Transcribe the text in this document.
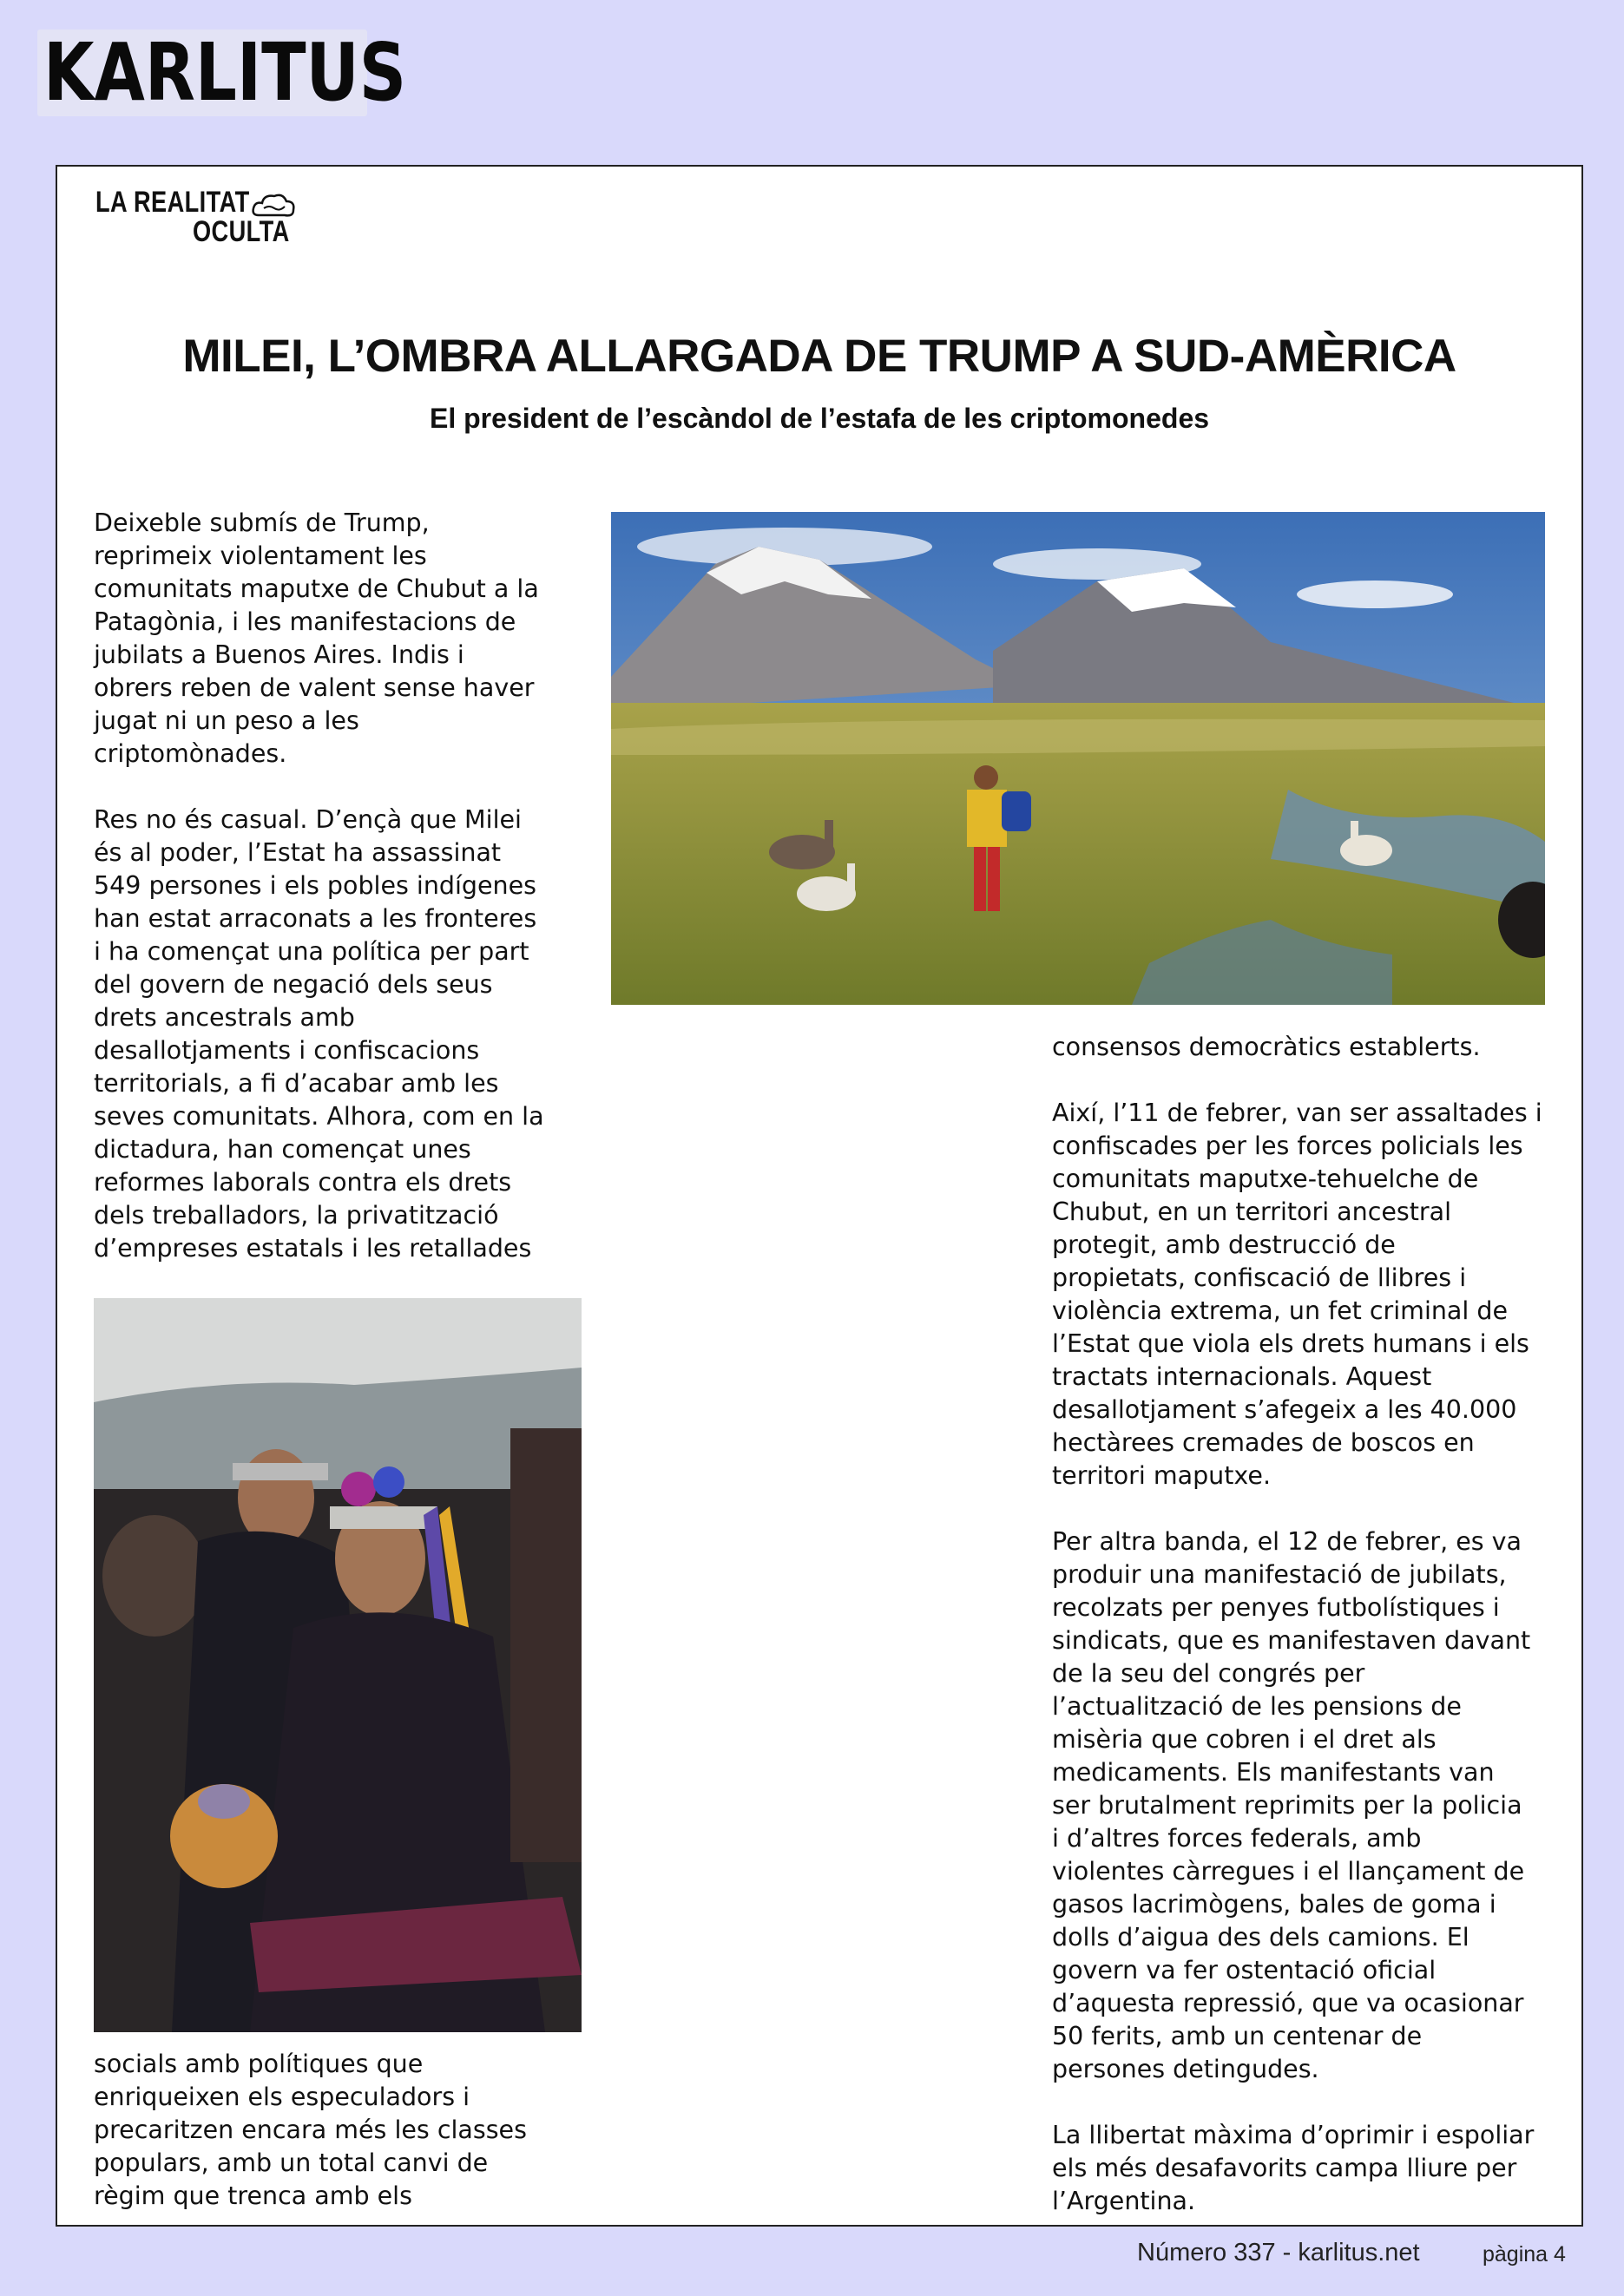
KARLITUS
LA REALITAT
OCULTA
MILEI, L’OMBRA ALLARGADA DE TRUMP A SUD-AMÈRICA

El president de l’escàndol de l’estafa de les criptomonedes

Deixeble submís de Trump,
reprimeix violentament les
comunitats maputxe de Chubut a la
Patagònia, i les manifestacions de
jubilats a Buenos Aires. Indis i
obrers reben de valent sense haver
jugat ni un peso a les
criptomònades.
Res no és casual. D’ençà que Milei
és al poder, l’Estat ha assassinat
549 persones i els pobles indígenes
han estat arraconats a les fronteres
i ha començat una política per part
del govern de negació dels seus
drets ancestrals amb
desallotjaments i confiscacions
territorials, a fi d’acabar amb les
seves comunitats. Alhora, com en la
dictadura, han començat unes
reformes laborals contra els drets
dels treballadors, la privatització
d’empreses estatals i les retallades
socials amb polítiques que
enriqueixen els especuladors i
precaritzen encara més les classes
populars, amb un total canvi de
règim que trenca amb els
consensos democràtics establerts.
Així, l’11 de febrer, van ser assaltades i
confiscades per les forces policials les
comunitats maputxe-tehuelche de
Chubut, en un territori ancestral
protegit, amb destrucció de
propietats, confiscació de llibres i
violència extrema, un fet criminal de
l’Estat que viola els drets humans i els
tractats internacionals. Aquest
desallotjament s’afegeix a les 40.000
hectàrees cremades de boscos en
territori maputxe.
Per altra banda, el 12 de febrer, es va
produir una manifestació de jubilats,
recolzats per penyes futbolístiques i
sindicats, que es manifestaven davant
de la seu del congrés per
l’actualització de les pensions de
misèria que cobren i el dret als
medicaments. Els manifestants van
ser brutalment reprimits per la policia
i d’altres forces federals, amb
violentes càrregues i el llançament de
gasos lacrimògens, bales de goma i
dolls d’aigua des dels camions. El
govern va fer ostentació oficial
d’aquesta repressió, que va ocasionar
50 ferits, amb un centenar de
persones detingudes.
La llibertat màxima d’oprimir i espoliar
els més desafavorits campa lliure per
l’Argentina.
Número 337 - karlitus.net	pàgina 4
